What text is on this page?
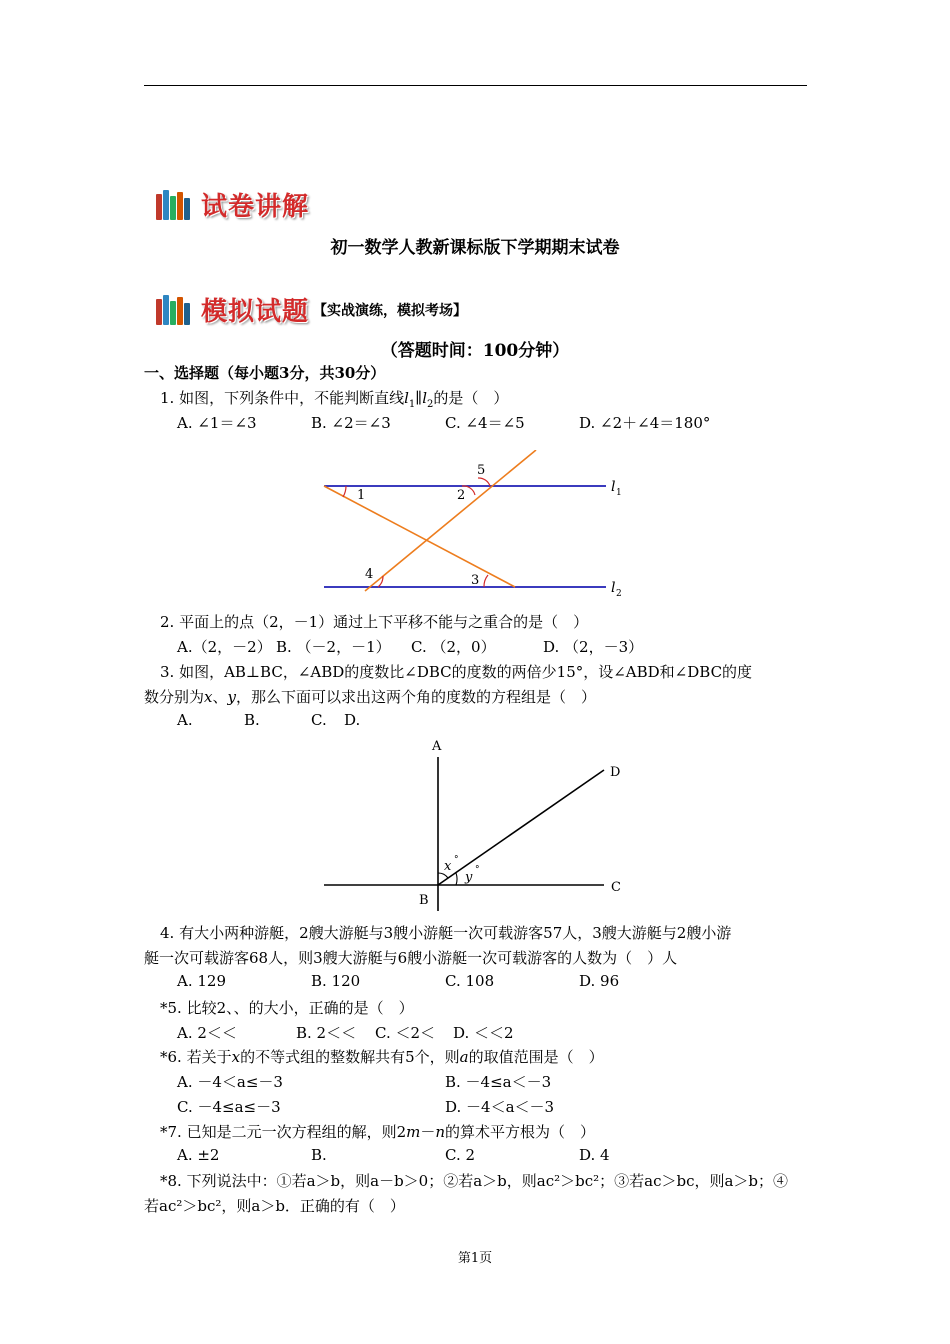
试卷讲解
初一数学人教新课标版下学期期末试卷
模拟试题 【实战演练，模拟考场】
（答题时间：100分钟）
一、选择题（每小题3分，共30分）
1. 如图，下列条件中，不能判断直线$l_1\parallel l_2$的是（　）
A. ∠1＝∠3	B. ∠2＝∠3	C. ∠4＝∠5	D. ∠2＋∠4＝180°
1	2
5
4	3
l 1
l 2
2. 平面上的点（2，－1）通过上下平移不能与之重合的是（　）
A.（2，－2） B. （－2，－1） C. （2，0）	D. （2，－3）
3. 如图，AB⊥BC，∠ABD的度数比∠DBC的度数的两倍少15°，设∠ABD和∠DBC的度
数分别为x、y，那么下面可以求出这两个角的度数的方程组是（　）
A.	B.	C. D.
A
B
C
D
x °
y °
4. 有大小两种游艇，2艘大游艇与3艘小游艇一次可载游客57人，3艘大游艇与2艘小游
艇一次可载游客68人，则3艘大游艇与6艘小游艇一次可载游客的人数为（　）人
A. 129	B. 120	C. 108	D. 96
*5. 比较2、、的大小，正确的是（　）
A. 2＜＜	B. 2＜＜ C. ＜2＜ D. ＜＜2
*6. 若关于x的不等式组的整数解共有5个，则a的取值范围是（　）
A. －4＜a≤－3	B. －4≤a＜－3
C. －4≤a≤－3	D. －4＜a＜－3
*7. 已知是二元一次方程组的解，则2m－n的算术平方根为（　）
A. ±2	B.	C. 2	D. 4
*8. 下列说法中：①若a＞b，则a－b＞0；②若a＞b，则ac²＞bc²；③若ac＞bc，则a＞b；④
若ac²＞bc²，则a＞b．正确的有（　）
第1页
